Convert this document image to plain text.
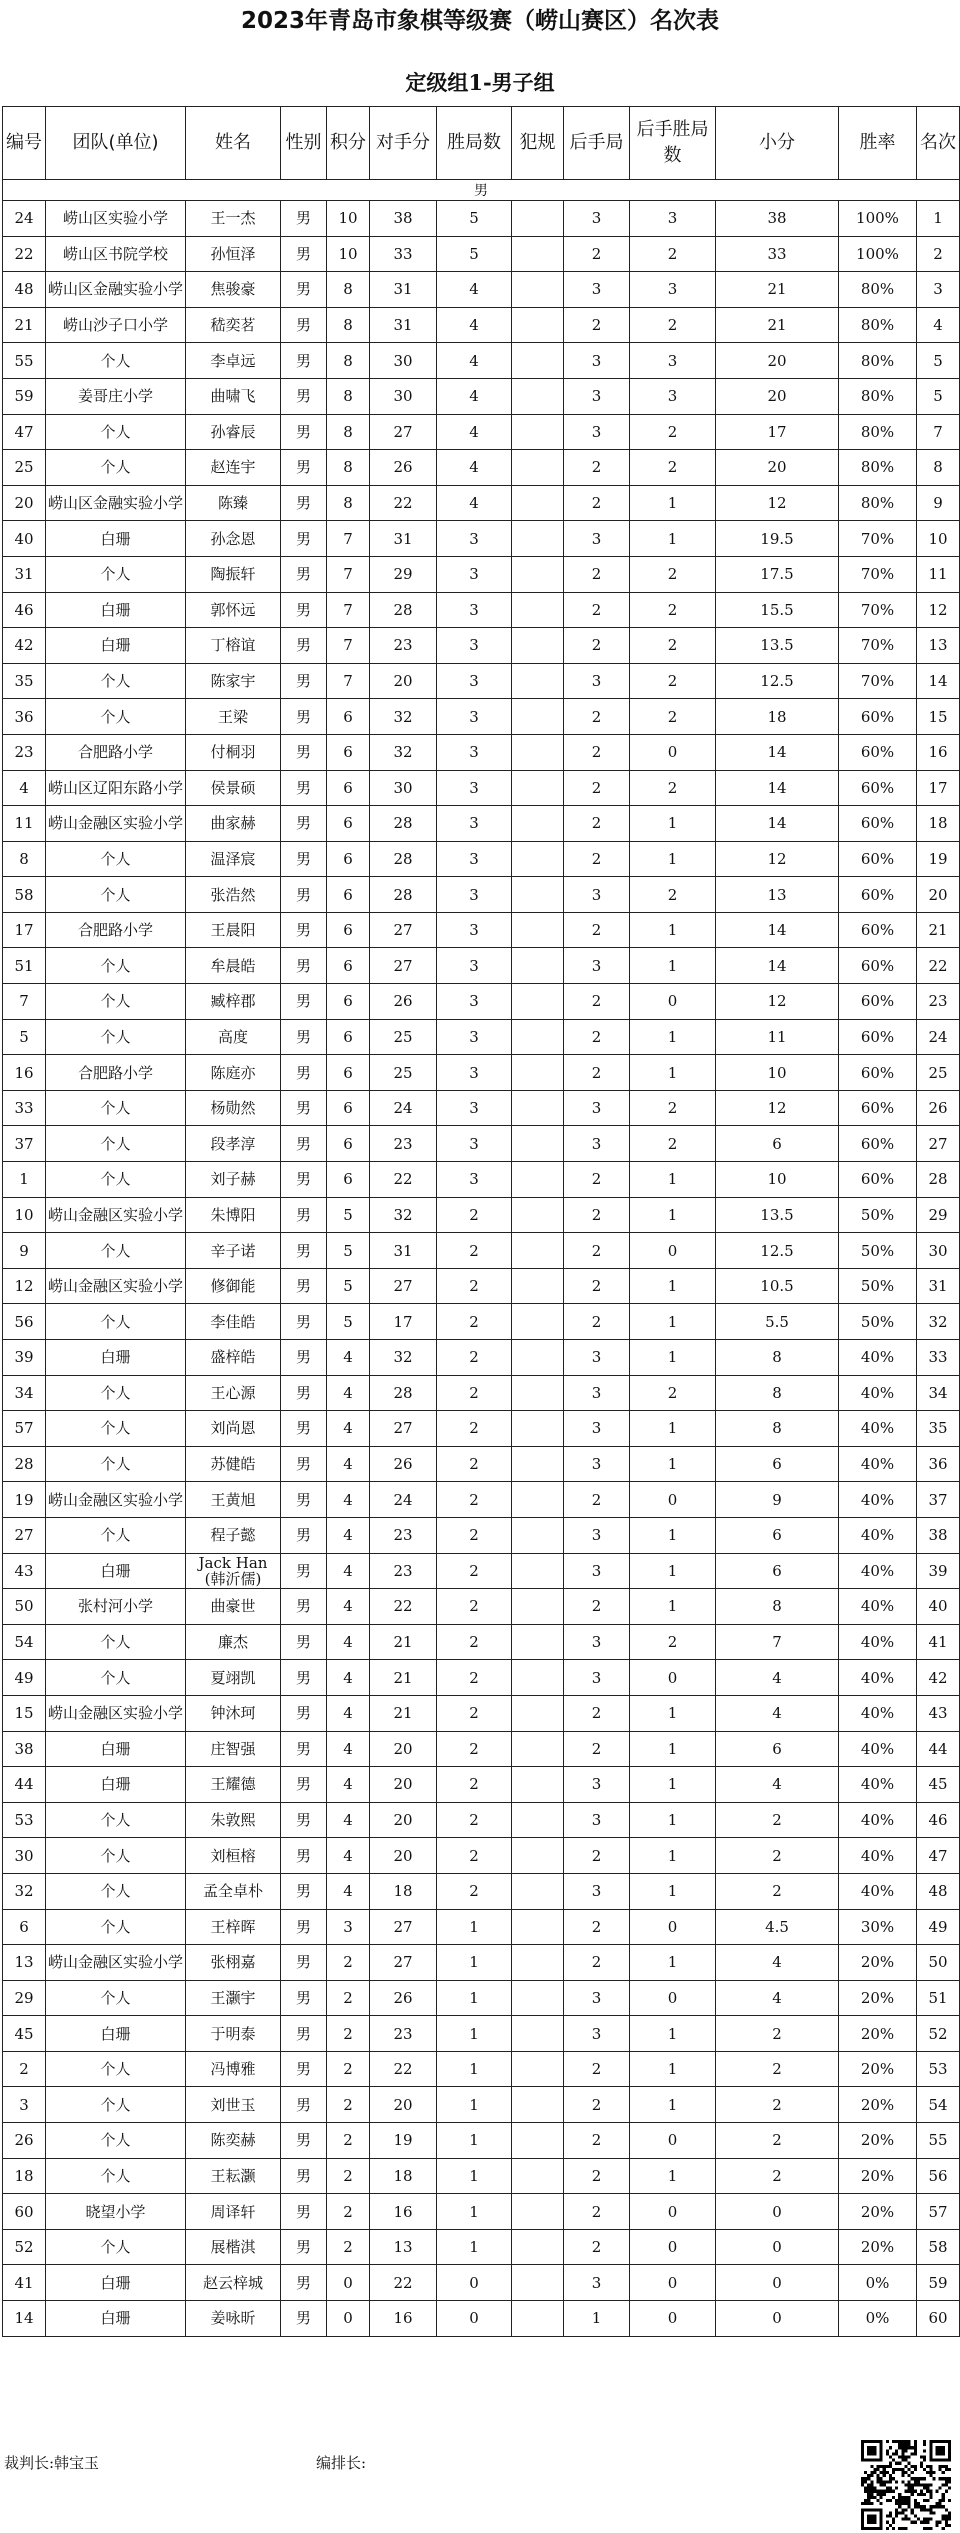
2023年青岛市象棋等级赛（崂山赛区）名次表
定级组1-男子组
编号	团队(单位)	姓名	性别	积分	对手分	胜局数	犯规	后手局	后手胜局数	小分	胜率	名次
男												
24	崂山区实验小学	王一杰	男	10	38	5		3	3	38	100%	1
22	崂山区书院学校	孙恒泽	男	10	33	5		2	2	33	100%	2
48	崂山区金融实验小学	焦骏豪	男	8	31	4		3	3	21	80%	3
21	崂山沙子口小学	嵇奕茗	男	8	31	4		2	2	21	80%	4
55	个人	李卓远	男	8	30	4		3	3	20	80%	5
59	姜哥庄小学	曲啸飞	男	8	30	4		3	3	20	80%	5
47	个人	孙睿辰	男	8	27	4		3	2	17	80%	7
25	个人	赵连宇	男	8	26	4		2	2	20	80%	8
20	崂山区金融实验小学	陈臻	男	8	22	4		2	1	12	80%	9
40	白珊	孙念恩	男	7	31	3		3	1	19.5	70%	10
31	个人	陶振轩	男	7	29	3		2	2	17.5	70%	11
46	白珊	郭怀远	男	7	28	3		2	2	15.5	70%	12
42	白珊	丁榕谊	男	7	23	3		2	2	13.5	70%	13
35	个人	陈家宇	男	7	20	3		3	2	12.5	70%	14
36	个人	王梁	男	6	32	3		2	2	18	60%	15
23	合肥路小学	付桐羽	男	6	32	3		2	0	14	60%	16
4	崂山区辽阳东路小学	侯景硕	男	6	30	3		2	2	14	60%	17
11	崂山金融区实验小学	曲家赫	男	6	28	3		2	1	14	60%	18
8	个人	温泽宸	男	6	28	3		2	1	12	60%	19
58	个人	张浩然	男	6	28	3		3	2	13	60%	20
17	合肥路小学	王晨阳	男	6	27	3		2	1	14	60%	21
51	个人	牟晨皓	男	6	27	3		3	1	14	60%	22
7	个人	臧梓郡	男	6	26	3		2	0	12	60%	23
5	个人	高度	男	6	25	3		2	1	11	60%	24
16	合肥路小学	陈庭亦	男	6	25	3		2	1	10	60%	25
33	个人	杨勋然	男	6	24	3		3	2	12	60%	26
37	个人	段孝淳	男	6	23	3		3	2	6	60%	27
1	个人	刘子赫	男	6	22	3		2	1	10	60%	28
10	崂山金融区实验小学	朱博阳	男	5	32	2		2	1	13.5	50%	29
9	个人	辛子诺	男	5	31	2		2	0	12.5	50%	30
12	崂山金融区实验小学	修御能	男	5	27	2		2	1	10.5	50%	31
56	个人	李佳皓	男	5	17	2		2	1	5.5	50%	32
39	白珊	盛梓皓	男	4	32	2		3	1	8	40%	33
34	个人	王心源	男	4	28	2		3	2	8	40%	34
57	个人	刘尚恩	男	4	27	2		3	1	8	40%	35
28	个人	苏健皓	男	4	26	2		3	1	6	40%	36
19	崂山金融区实验小学	王黄旭	男	4	24	2		2	0	9	40%	37
27	个人	程子懿	男	4	23	2		3	1	6	40%	38
43	白珊	Jack Han (韩沂儒)	男	4	23	2		3	1	6	40%	39
50	张村河小学	曲豪世	男	4	22	2		2	1	8	40%	40
54	个人	廉杰	男	4	21	2		3	2	7	40%	41
49	个人	夏翊凯	男	4	21	2		3	0	4	40%	42
15	崂山金融区实验小学	钟沐珂	男	4	21	2		2	1	4	40%	43
38	白珊	庄智强	男	4	20	2		2	1	6	40%	44
44	白珊	王耀德	男	4	20	2		3	1	4	40%	45
53	个人	朱敦熙	男	4	20	2		3	1	2	40%	46
30	个人	刘桓榕	男	4	20	2		2	1	2	40%	47
32	个人	孟全卓朴	男	4	18	2		3	1	2	40%	48
6	个人	王梓晖	男	3	27	1		2	0	4.5	30%	49
13	崂山金融区实验小学	张栩嘉	男	2	27	1		2	1	4	20%	50
29	个人	王灏宇	男	2	26	1		3	0	4	20%	51
45	白珊	于明泰	男	2	23	1		3	1	2	20%	52
2	个人	冯博雅	男	2	22	1		2	1	2	20%	53
3	个人	刘世玉	男	2	20	1		2	1	2	20%	54
26	个人	陈奕赫	男	2	19	1		2	0	2	20%	55
18	个人	王耘灏	男	2	18	1		2	1	2	20%	56
60	晓望小学	周译轩	男	2	16	1		2	0	0	20%	57
52	个人	展楷淇	男	2	13	1		2	0	0	20%	58
41	白珊	赵云梓城	男	0	22	0		3	0	0	0%	59
14	白珊	姜咏昕	男	0	16	0		1	0	0	0%	60
裁判长: 韩宝玉	编排长:
